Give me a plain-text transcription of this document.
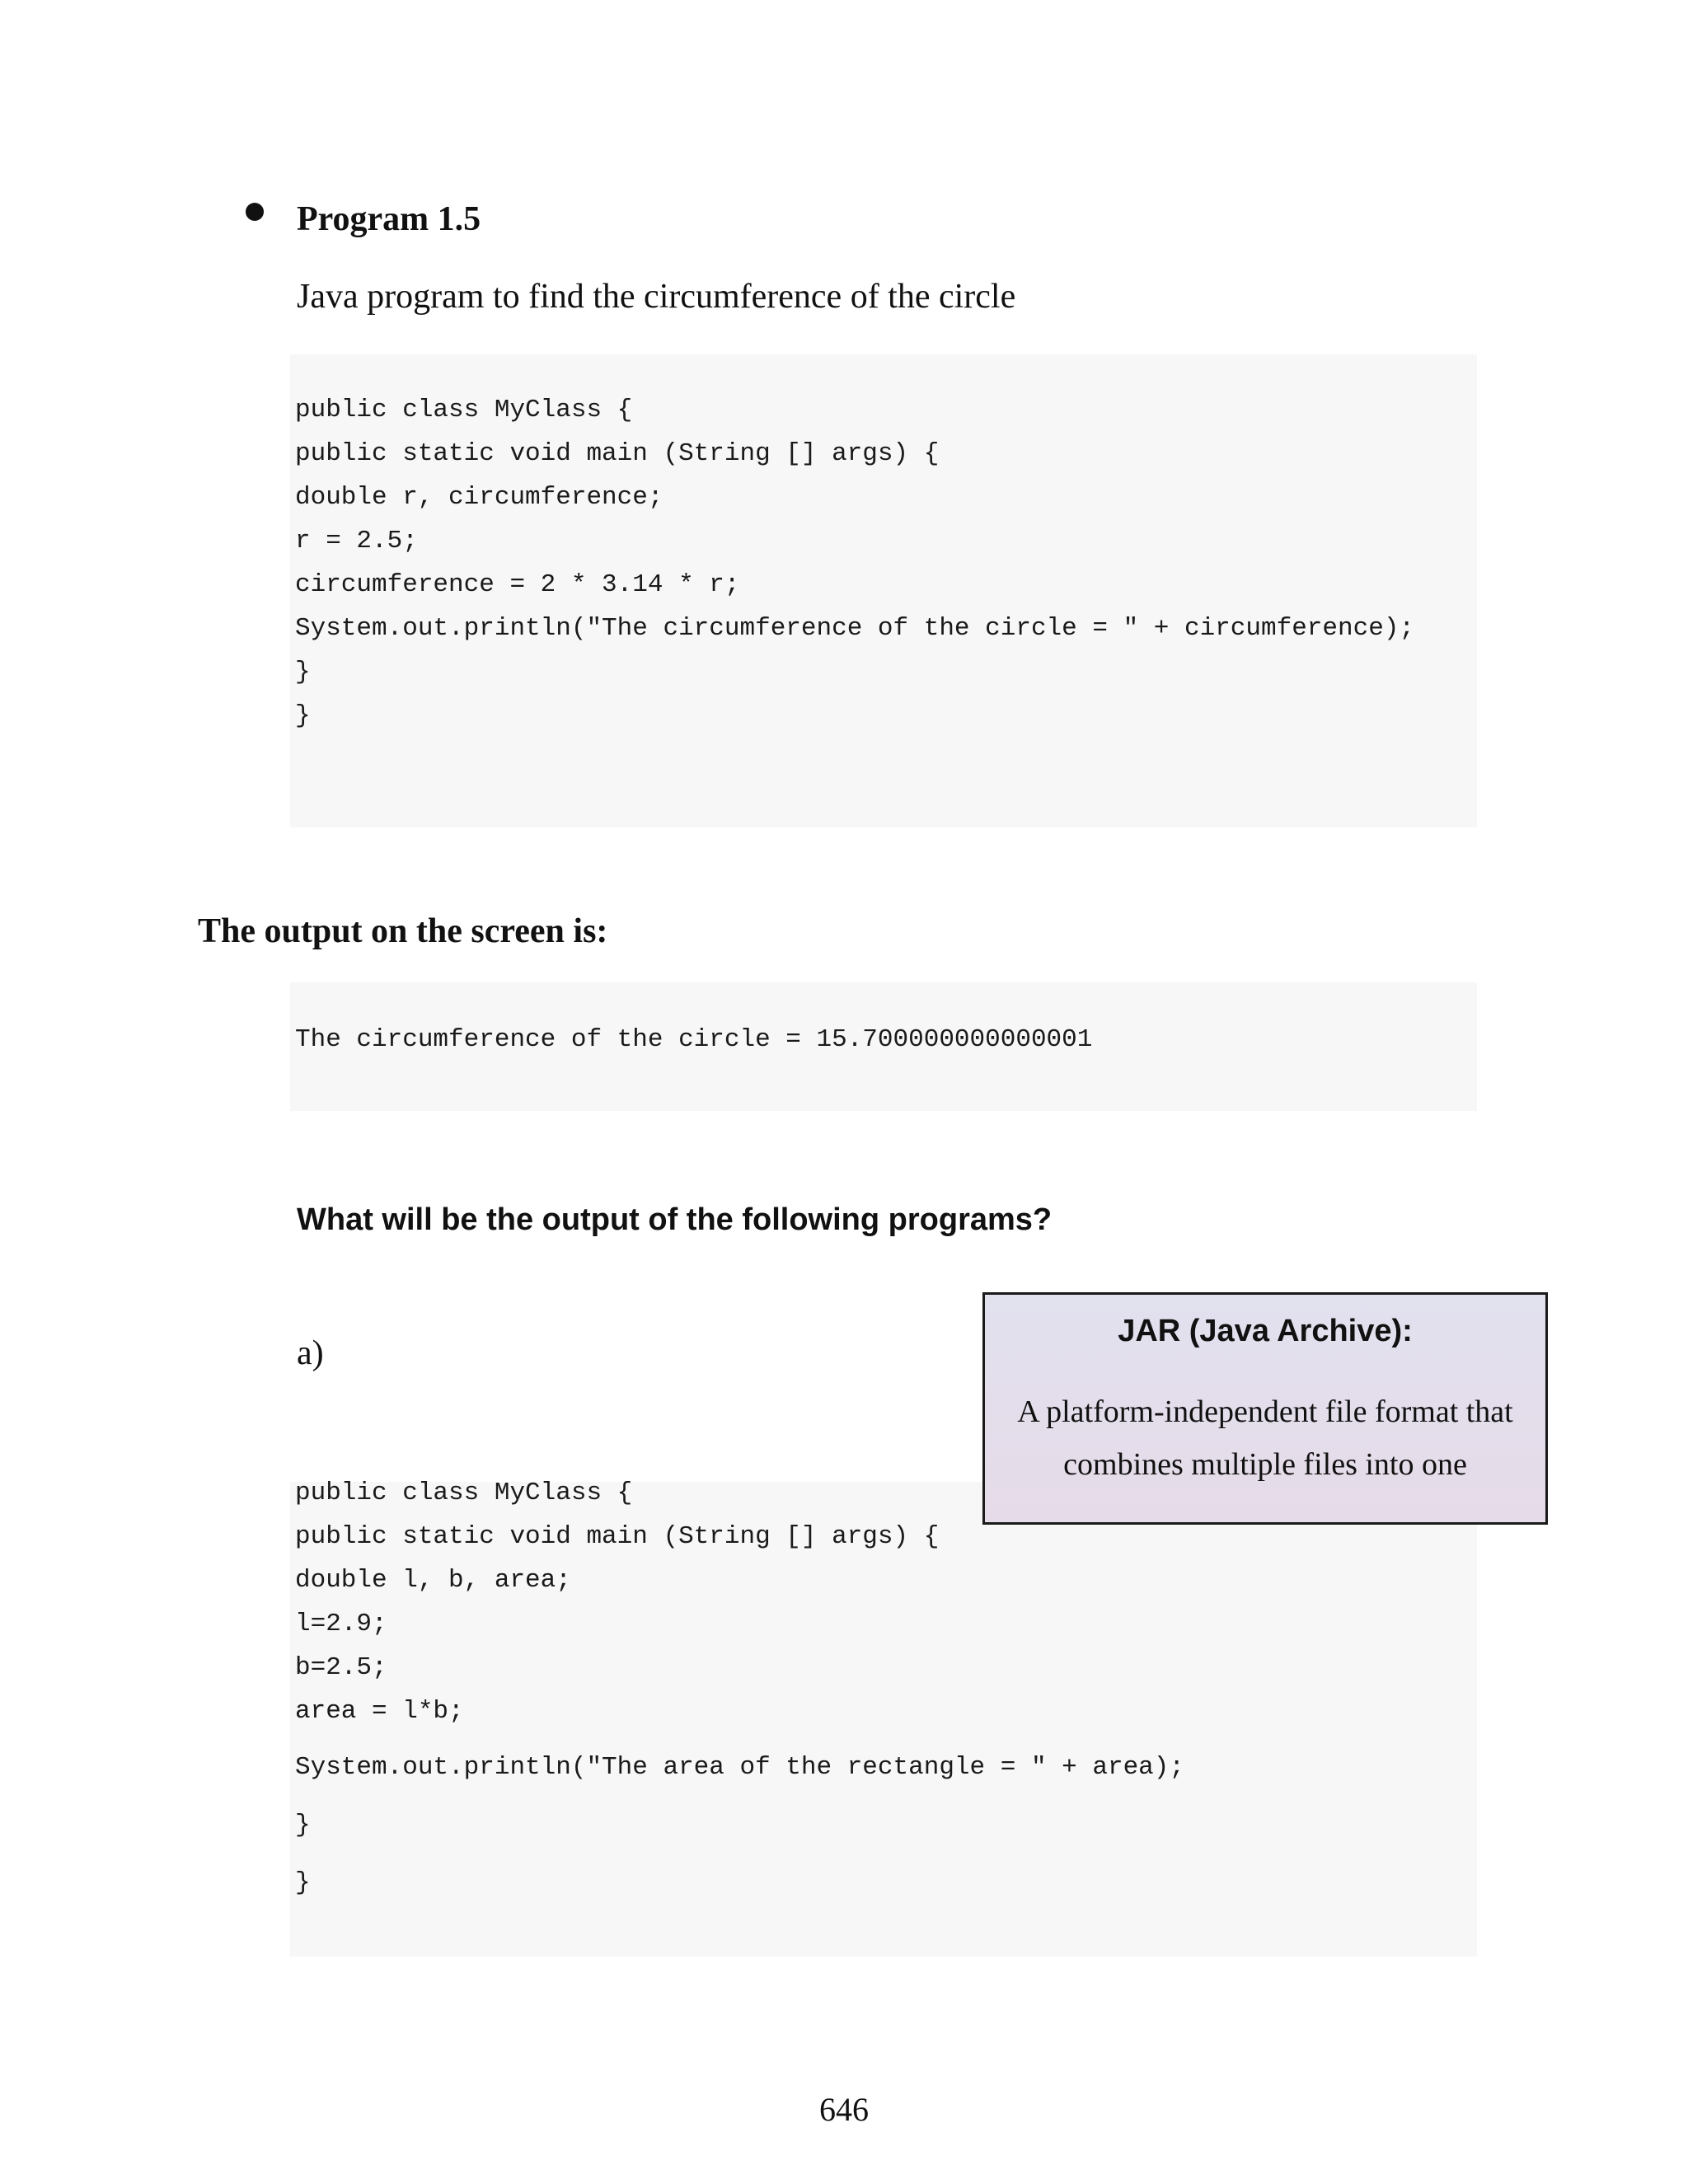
Program 1.5
Java program to find the circumference of the circle
public class MyClass {
public static void main (String [] args) {
double r, circumference;
r = 2.5;
circumference = 2 * 3.14 * r;
System.out.println("The circumference of the circle = " + circumference);
}
}
The output on the screen is:
The circumference of the circle = 15.700000000000001
What will be the output of the following programs?
a)
public class MyClass {
public static void main (String [] args) {
double l, b, area;
l=2.9;
b=2.5;
area = l*b;
System.out.println("The area of the rectangle = " + area);
}
}
JAR (Java Archive):
A platform-independent file format that combines multiple files into one
646
